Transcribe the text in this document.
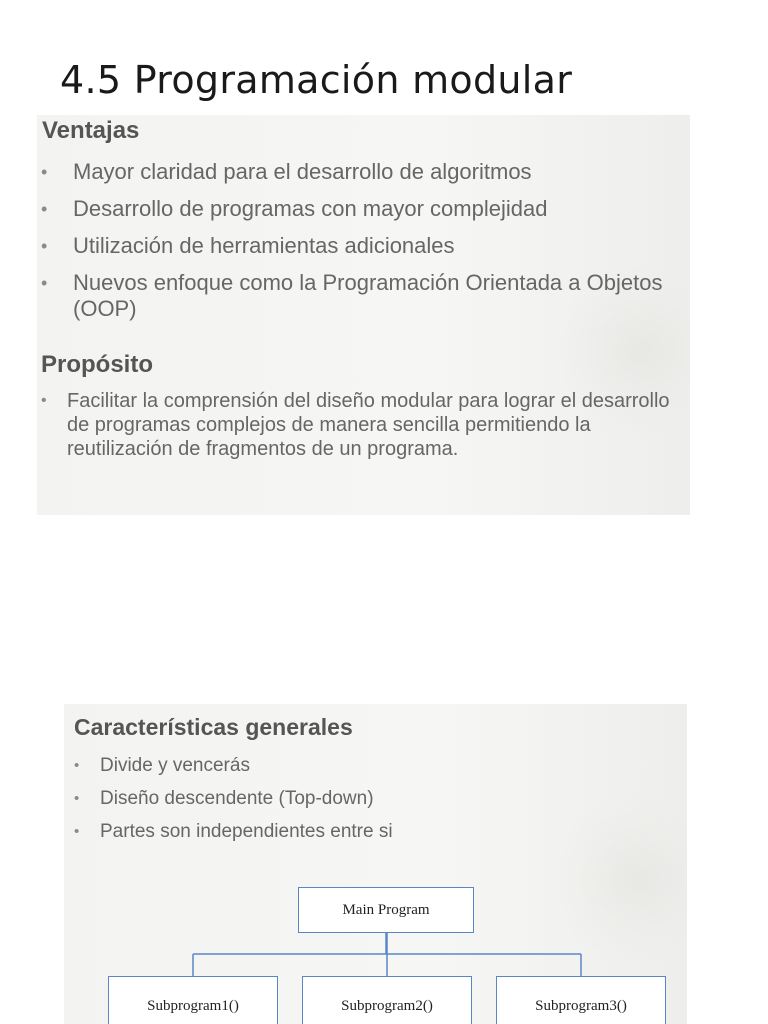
4.5 Programación modular
Ventajas
• Mayor claridad para el desarrollo de algoritmos
• Desarrollo de programas con mayor complejidad
• Utilización de herramientas adicionales
• Nuevos enfoque como la Programación Orientada a Objetos (OOP)
Propósito
• Facilitar la comprensión del diseño modular para lograr el desarrollo de programas complejos de manera sencilla permitiendo la reutilización de fragmentos de un programa.
Características generales
• Divide y vencerás
• Diseño descendente (Top-down)
• Partes son independientes entre si
Main Program
Subprogram1()	Subprogram2()	Subprogram3()
